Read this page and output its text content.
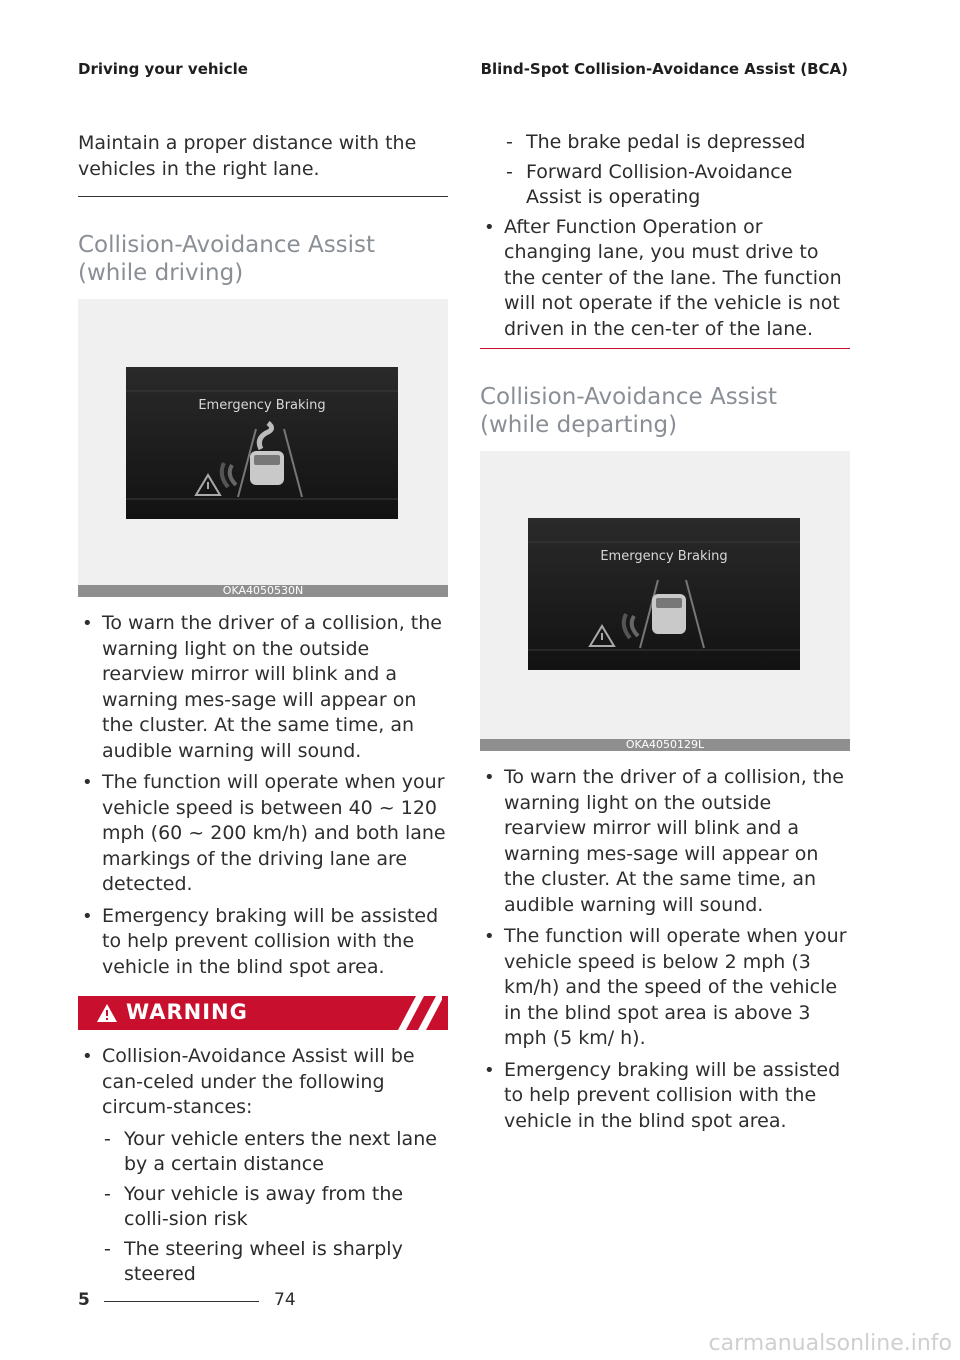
Driving your vehicle	Blind-Spot Collision-Avoidance Assist (BCA)

Maintain a proper distance with the vehicles in the right lane.

Collision-Avoidance Assist (while driving)
Emergency Braking
OKA4050530N
• To warn the driver of a collision, the warning light on the outside rearview mirror will blink and a warning mes-sage will appear on the cluster. At the same time, an audible warning will sound.
• The function will operate when your vehicle speed is between 40 ~ 120 mph (60 ~ 200 km/h) and both lane markings of the driving lane are detected.
• Emergency braking will be assisted to help prevent collision with the vehicle in the blind spot area.
WARNING
• Collision-Avoidance Assist will be can-celed under the following circum-stances:
- Your vehicle enters the next lane by a certain distance
- Your vehicle is away from the colli-sion risk
- The steering wheel is sharply steered
- The brake pedal is depressed
- Forward Collision-Avoidance Assist is operating
• After Function Operation or changing lane, you must drive to the center of the lane. The function will not operate if the vehicle is not driven in the cen-ter of the lane.
Collision-Avoidance Assist (while departing)
Emergency Braking
OKA4050129L
• To warn the driver of a collision, the warning light on the outside rearview mirror will blink and a warning mes-sage will appear on the cluster. At the same time, an audible warning will sound.
• The function will operate when your vehicle speed is below 2 mph (3 km/h) and the speed of the vehicle in the blind spot area is above 3 mph (5 km/ h).
• Emergency braking will be assisted to help prevent collision with the vehicle in the blind spot area.
5	74
carmanualsonline.info
